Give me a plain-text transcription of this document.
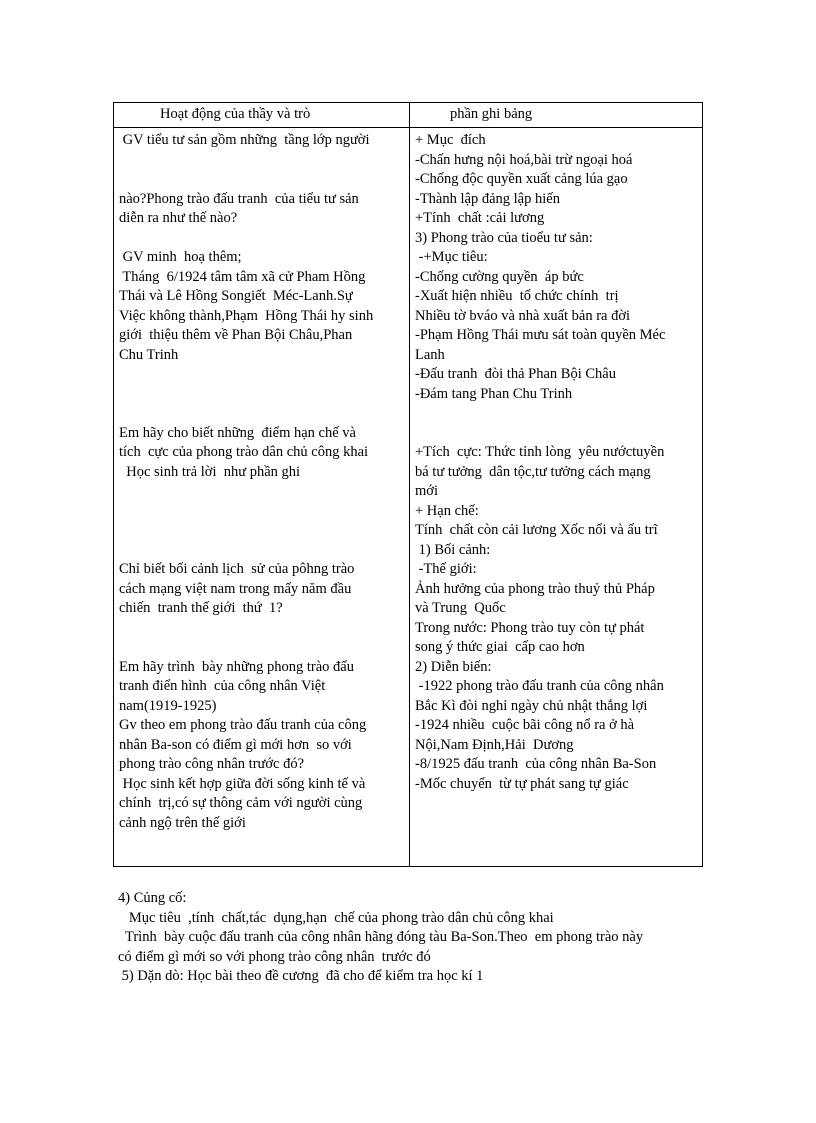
Hoạt động của thầy và trò	phần ghi bảng
GV tiểu tư sản gồm những  tầng lớp người
nào?Phong trào đấu tranh  của tiểu tư sản
diễn ra như thế nào?
GV minh  hoạ thêm;
Tháng  6/1924 tâm tâm xã cử Pham Hồng
Thái và Lê Hồng Songiết  Méc-Lanh.Sự
Việc không thành,Phạm  Hồng Thái hy sinh
giới  thiệu thêm về Phan Bội Châu,Phan
Chu Trinh
Em hãy cho biết những  điểm hạn chế và
tích  cực của phong trào dân chủ công khai
Học sinh trả lời  như phần ghi
Chỉ biết bối cảnh lịch  sử của pôhng trào
cách mạng việt nam trong mấy năm đầu
chiến  tranh thế giới  thứ  1?
Em hãy trình  bày những phong trào đấu
tranh điển hình  của công nhân Việt
nam(1919-1925)
Gv theo em phong trào đấu tranh của công
nhân Ba-son có điểm gì mới hơn  so với
phong trào công nhân trước đó?
Học sinh kết hợp giữa đời sống kinh tế và
chính  trị,có sự thông cảm với người cùng
cảnh ngộ trên thế giới
+ Mục  đích
-Chấn hưng nội hoá,bài trừ ngoại hoá
-Chống độc quyền xuất cảng lúa gạo
-Thành lập đảng lập hiến
+Tính  chất :cải lương
3) Phong trào của tioểu tư sản:
-+Mục tiêu:
-Chống cường quyền  áp bức
-Xuất hiện nhiều  tổ chức chính  trị
Nhiều tờ bváo và nhà xuất bản ra đời
-Phạm Hồng Thái mưu sát toàn quyền Méc
Lanh
-Đấu tranh  đòi thả Phan Bội Châu
-Đám tang Phan Chu Trinh
+Tích  cực: Thức tỉnh lòng  yêu nướctuyền
bá tư tưởng  dân tộc,tư tưởng cách mạng
mới
+ Hạn chế:
Tính  chất còn cải lương Xốc nổi và ấu trĩ
1) Bối cảnh:
-Thế giới:
Ảnh hưởng của phong trào thuỷ thủ Pháp
và Trung  Quốc
Trong nước: Phong trào tuy còn tự phát
song ý thức giai  cấp cao hơn
2) Diễn biến:
-1922 phong trào đấu tranh của công nhân
Bắc Kì đòi nghỉ ngày chủ nhật thắng lợi
-1924 nhiều  cuộc bãi công nổ ra ở hà
Nội,Nam Định,Hải  Dương
-8/1925 đấu tranh  của công nhân Ba-Son
-Mốc chuyển  từ tự phát sang tự giác
4) Củng cố:
Mục tiêu  ,tính  chất,tác  dụng,hạn  chế của phong trào dân chủ công khai
Trình  bày cuộc đấu tranh của công nhân hãng đóng tàu Ba-Son.Theo  em phong trào này
có điểm gì mới so với phong trào công nhân  trước đó
5) Dặn dò: Học bài theo đề cương  đã cho để kiểm tra học kí 1
